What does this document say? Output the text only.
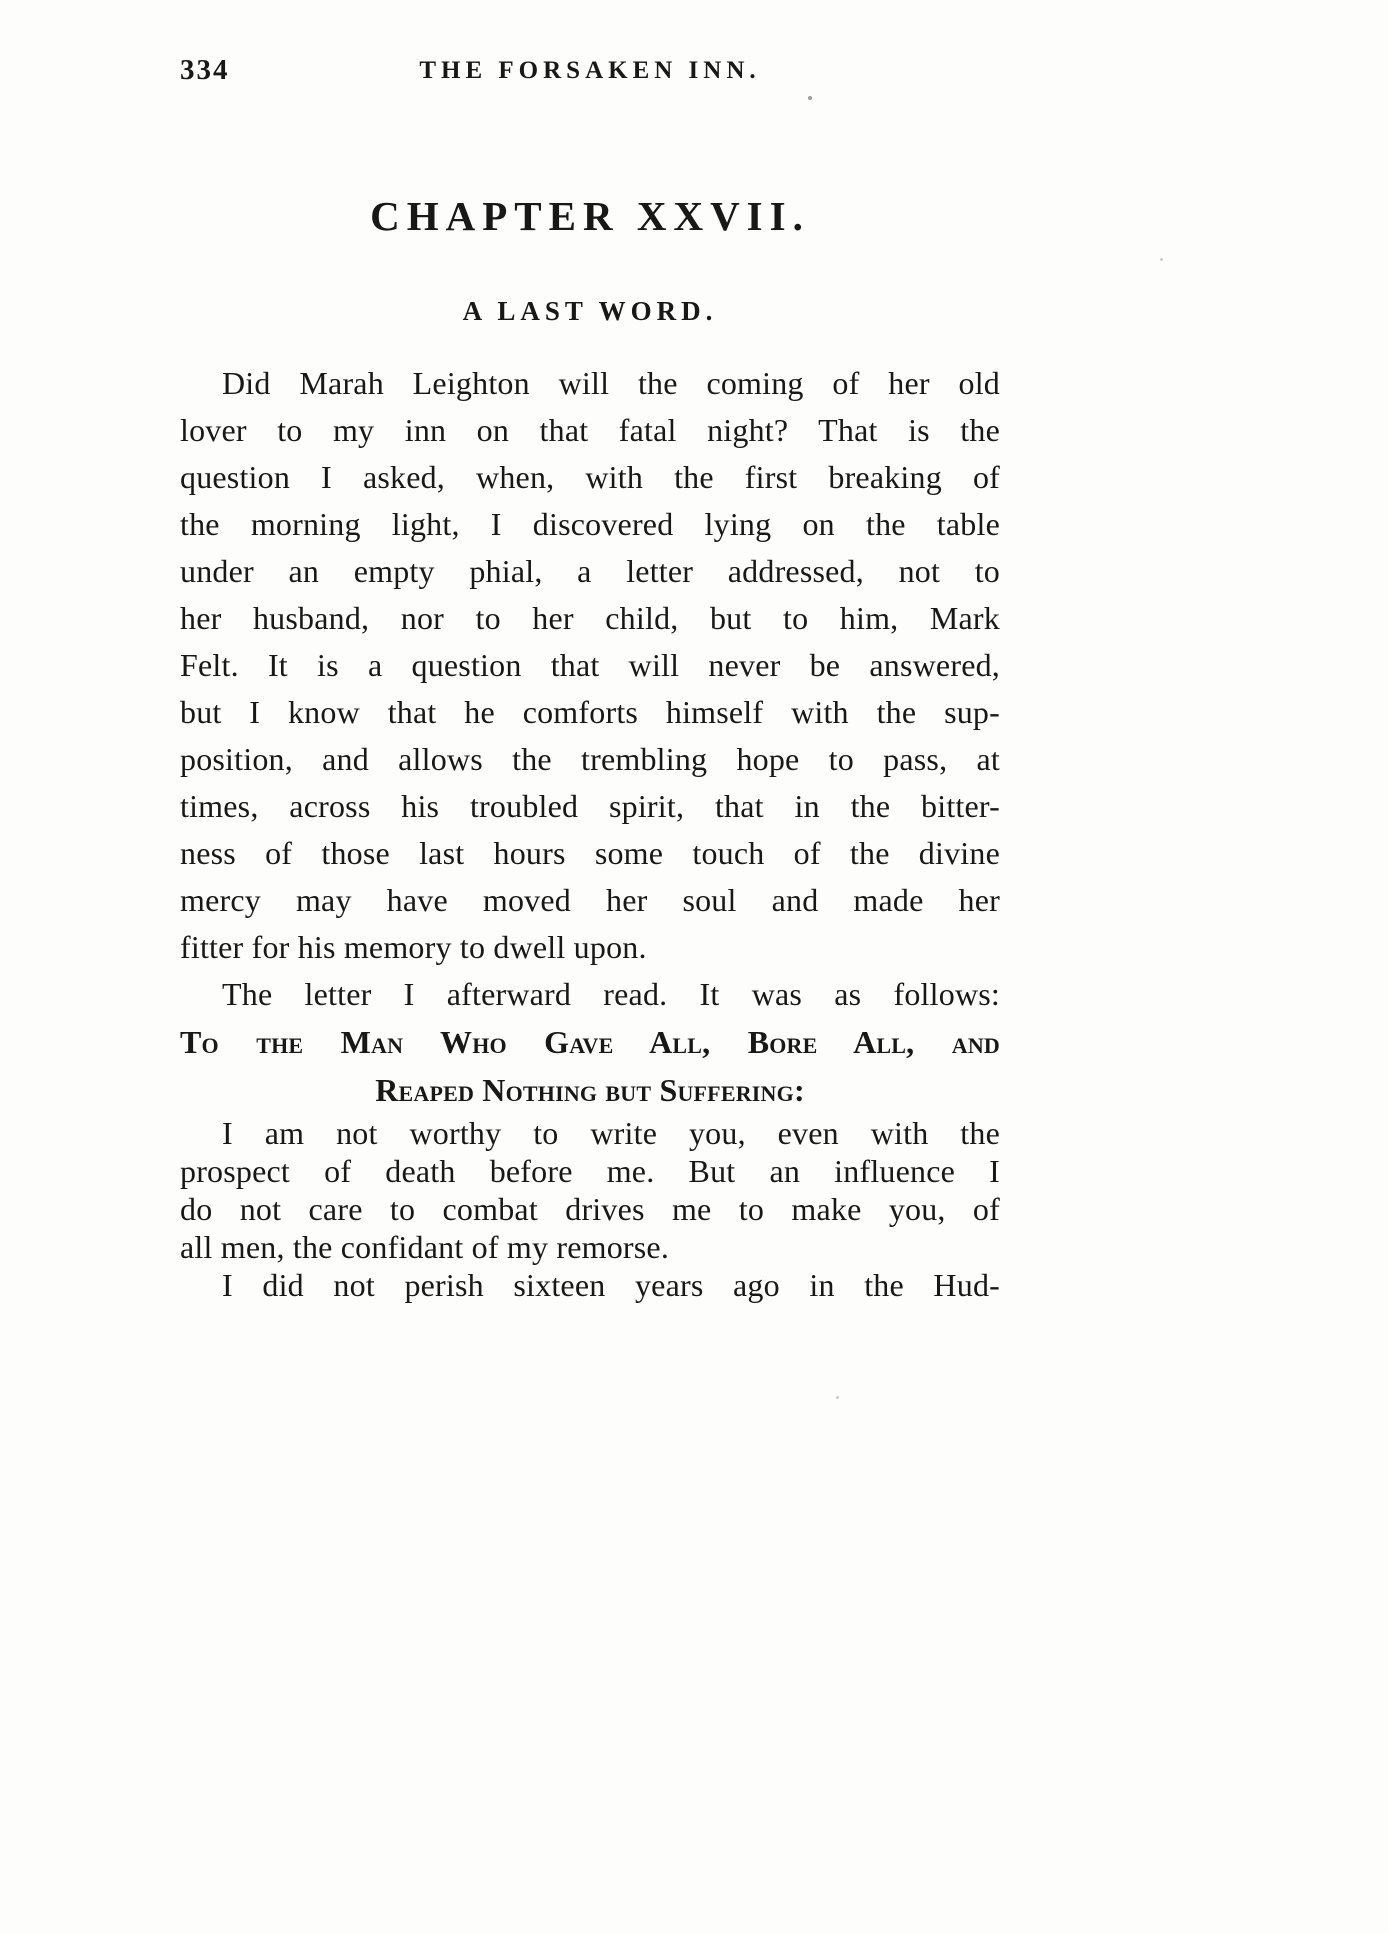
334	THE FORSAKEN INN.
CHAPTER XXVII.
A LAST WORD.
Did Marah Leighton will the coming of her old
lover to my inn on that fatal night? That is the
question I asked, when, with the first breaking of
the morning light, I discovered lying on the table
under an empty phial, a letter addressed, not to
her husband, nor to her child, but to him, Mark
Felt. It is a question that will never be answered,
but I know that he comforts himself with the sup-
position, and allows the trembling hope to pass, at
times, across his troubled spirit, that in the bitter-
ness of those last hours some touch of the divine
mercy may have moved her soul and made her
fitter for his memory to dwell upon.
The letter I afterward read. It was as follows:
To the Man Who Gave All, Bore All, and
Reaped Nothing but Suffering:
I am not worthy to write you, even with the
prospect of death before me. But an influence I
do not care to combat drives me to make you, of
all men, the confidant of my remorse.
I did not perish sixteen years ago in the Hud-
